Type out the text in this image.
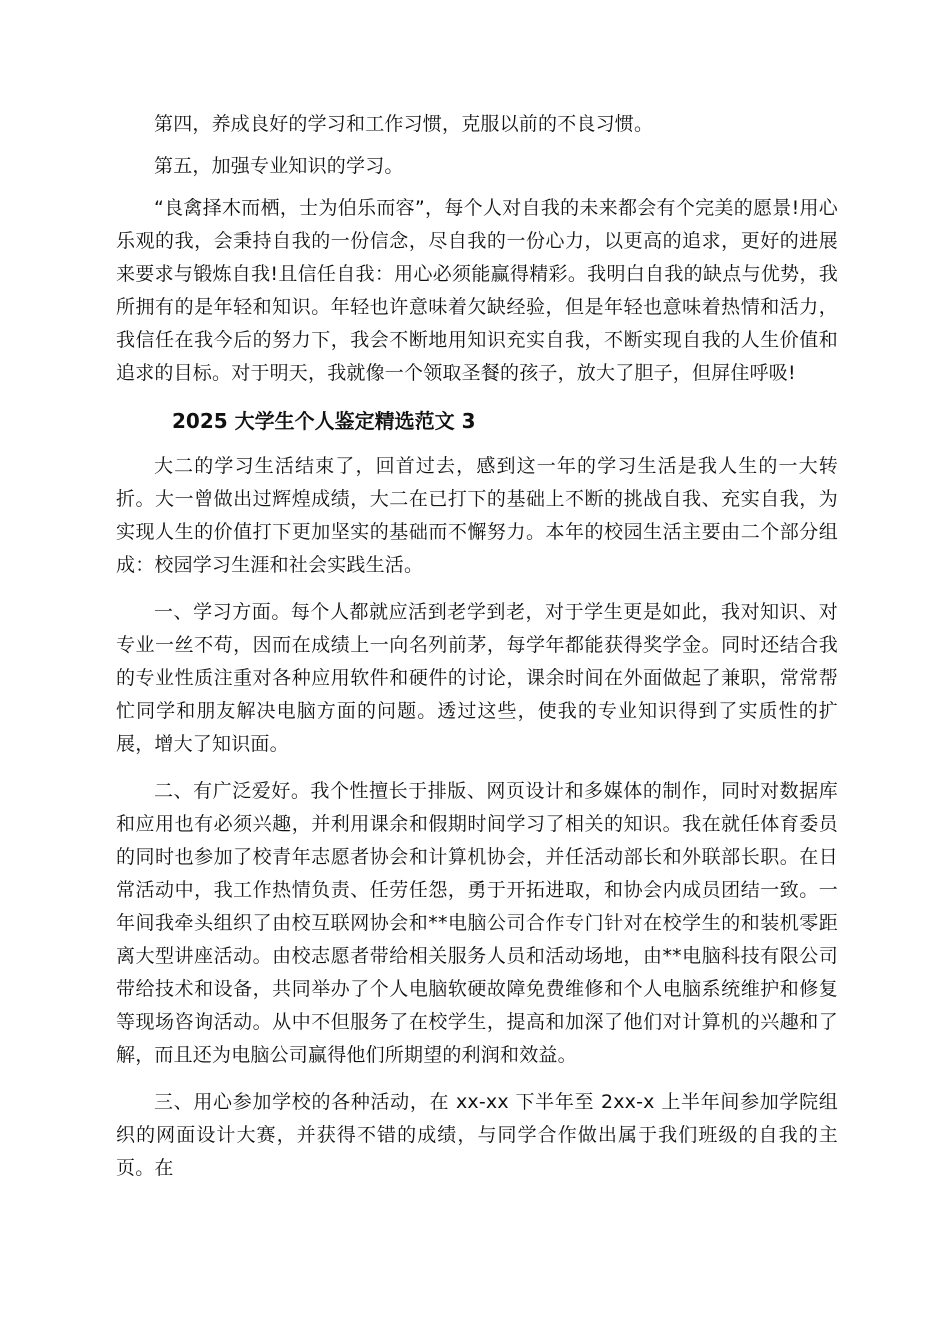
第四，养成良好的学习和工作习惯，克服以前的不良习惯。

第五，加强专业知识的学习。

“良禽择木而栖，士为伯乐而容”，每个人对自我的未来都会有个完美的愿景!用心乐观的我，会秉持自我的一份信念，尽自我的一份心力，以更高的追求，更好的进展来要求与锻炼自我!且信任自我：用心必须能赢得精彩。我明白自我的缺点与优势，我所拥有的是年轻和知识。年轻也许意味着欠缺经验，但是年轻也意味着热情和活力，我信任在我今后的努力下，我会不断地用知识充实自我，不断实现自我的人生价值和追求的目标。对于明天，我就像一个领取圣餐的孩子，放大了胆子，但屏住呼吸!

2025 大学生个人鉴定精选范文 3

大二的学习生活结束了，回首过去，感到这一年的学习生活是我人生的一大转折。大一曾做出过辉煌成绩，大二在已打下的基础上不断的挑战自我、充实自我，为实现人生的价值打下更加坚实的基础而不懈努力。本年的校园生活主要由二个部分组成：校园学习生涯和社会实践生活。

一、学习方面。每个人都就应活到老学到老，对于学生更是如此，我对知识、对专业一丝不苟，因而在成绩上一向名列前茅，每学年都能获得奖学金。同时还结合我的专业性质注重对各种应用软件和硬件的讨论，课余时间在外面做起了兼职，常常帮忙同学和朋友解决电脑方面的问题。透过这些，使我的专业知识得到了实质性的扩展，增大了知识面。

二、有广泛爱好。我个性擅长于排版、网页设计和多媒体的制作，同时对数据库和应用也有必须兴趣，并利用课余和假期时间学习了相关的知识。我在就任体育委员的同时也参加了校青年志愿者协会和计算机协会，并任活动部长和外联部长职。在日常活动中，我工作热情负责、任劳任怨，勇于开拓进取，和协会内成员团结一致。一年间我牵头组织了由校互联网协会和**电脑公司合作专门针对在校学生的和装机零距离大型讲座活动。由校志愿者带给相关服务人员和活动场地，由**电脑科技有限公司带给技术和设备，共同举办了个人电脑软硬故障免费维修和个人电脑系统维护和修复等现场咨询活动。从中不但服务了在校学生，提高和加深了他们对计算机的兴趣和了解，而且还为电脑公司赢得他们所期望的利润和效益。

三、用心参加学校的各种活动，在 xx-xx 下半年至 2xx-x 上半年间参加学院组织的网面设计大赛，并获得不错的成绩，与同学合作做出属于我们班级的自我的主页。在
